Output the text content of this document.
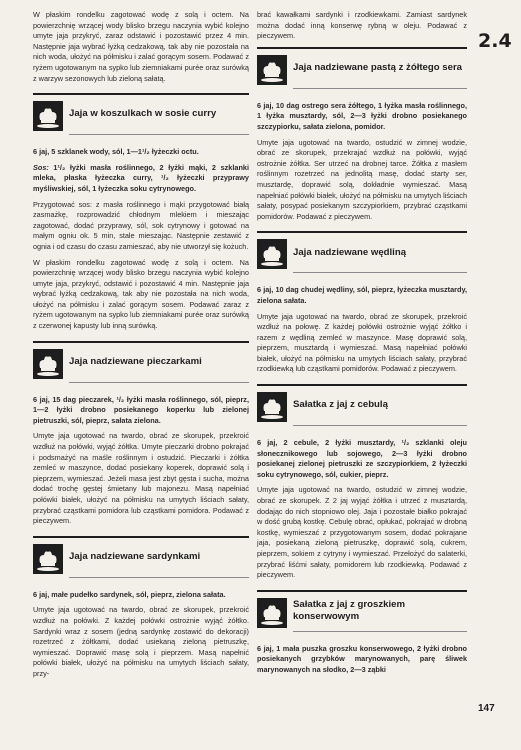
W płaskim rondelku zagotować wodę z solą i octem. Na powierzchnię wrzącej wody blisko brzegu naczynia wybić kolejno umyte jaja przykryć, zaraz odstawić i pozostawić przez 4 min. Następnie jaja wybrać łyżką cedzakową, tak aby nie pozostała na nich woda, ułożyć na półmisku i zalać gorącym sosem. Podawać z ryżem ugotowanym na sypko lub ziemniakami purée oraz surówką z warzyw sezonowych lub zieloną sałatą.

Jaja w koszulkach w sosie curry

6 jaj, 5 szklanek wody, sól, 1—1¹/₂ łyżeczki octu.

Sos: 1¹/₂ łyżki masła roślinnego, 2 łyżki mąki, 2 szklanki mleka, płaska łyżeczka curry, ¹/₂ łyżeczki przyprawy myśliwskiej, sól, 1 łyżeczka soku cytrynowego.

Przygotować sos: z masła roślinnego i mąki przygotować białą zasmażkę, rozprowadzić chłodnym mlekiem i mieszając zagotować, dodać przyprawy, sól, sok cytrynowy i gotować na małym ogniu ok. 5 min, stale mieszając. Następnie zestawić z ognia i od czasu do czasu zamieszać, aby nie utworzył się kożuch.

W płaskim rondelku zagotować wodę z solą i octem. Na powierzchnię wrzącej wody blisko brzegu naczynia wybić kolejno umyte jaja, przykryć, odstawić i pozostawić 4 min. Następnie jaja wybrać łyżką cedzakową, tak aby nie pozostała na nich woda, ułożyć na półmisku i zalać gorącym sosem. Podawać zaraz z ryżem ugotowanym na sypko lub ziemniakami purée oraz surówką z czerwonej kapusty lub inną surówką.

Jaja nadziewane pieczarkami

6 jaj, 15 dag pieczarek, ¹/₂ łyżki masła roślinnego, sól, pieprz, 1—2 łyżki drobno posiekanego koperku lub zielonej pietruszki, sól, pieprz, sałata zielona.

Umyte jaja ugotować na twardo, obrać ze skorupek, przekroić wzdłuż na połówki, wyjąć żółtka. Umyte pieczarki drobno pokrajać i podsmażyć na maśle roślinnym i ostudzić. Pieczarki i żółtka zemleć w maszynce, dodać posiekany koperek, doprawić solą i pieprzem, wymieszać. Jeżeli masa jest zbyt gęsta i sucha, można dodać trochę gęstej śmietany lub majonezu. Masą napełniać połówki białek, ułożyć na półmisku na umytych liściach sałaty, przybrać cząstkami pomidora lub cząstkami pomidora. Podawać z pieczywem.

Jaja nadziewane sardynkami

6 jaj, małe pudełko sardynek, sól, pieprz, zielona sałata.

Umyte jaja ugotować na twardo, obrać ze skorupek, przekroić wzdłuż na połówki. Z każdej połówki ostrożnie wyjąć żółtko. Sardynki wraz z sosem (jedną sardynkę zostawić do dekoracji) rozetrzeć z żółtkami, dodać usiekaną zieloną pietruszkę, wymieszać. Doprawić masę solą i pieprzem. Masą napełnić połówki białek, ułożyć na półmisku na umytych liściach sałaty, przy-

brać kawałkami sardynki i rzodkiewkami. Zamiast sardynek można dodać inną konserwę rybną w oleju. Podawać z pieczywem.

Jaja nadziewane pastą z żółtego sera

6 jaj, 10 dag ostrego sera żółtego, 1 łyżka masła roślinnego, 1 łyżka musztardy, sól, 2—3 łyżki drobno posiekanego szczypiorku, sałata zielona, pomidor.

Umyte jaja ugotować na twardo, ostudzić w zimnej wodzie, obrać ze skorupek, przekrajać wzdłuż na połówki, wyjąć ostrożnie żółtka. Ser utrzeć na drobnej tarce. Żółtka z masłem roślinnym rozetrzeć na jednolitą masę, dodać starty ser, musztardę, doprawić solą, dokładnie wymieszać. Masą napełniać połówki białek, ułożyć na półmisku na umytych liściach sałaty, posypać posiekanym szczypiorkiem, przybrać cząstkami pomidorów. Podawać z pieczywem.

Jaja nadziewane wędliną

6 jaj, 10 dag chudej wędliny, sól, pieprz, łyżeczka musztardy, zielona sałata.

Umyte jaja ugotować na twardo, obrać ze skorupek, przekroić wzdłuż na połowę. Z każdej połówki ostrożnie wyjąć żółtko i razem z wędliną zemleć w maszynce. Masę doprawić solą, pieprzem, musztardą i wymieszać. Masą napełniać połówki białek, ułożyć na półmisku na umytych liściach sałaty, przybrać rzodkiewką lub cząstkami pomidorów. Podawać z pieczywem.

Sałatka z jaj z cebulą

6 jaj, 2 cebule, 2 łyżki musztardy, ¹/₂ szklanki oleju słonecznikowego lub sojowego, 2—3 łyżki drobno posiekanej zielonej pietruszki ze szczypiorkiem, 2 łyżeczki soku cytrynowego, sól, cukier, pieprz.

Umyte jaja ugotować na twardo, ostudzić w zimnej wodzie, obrać ze skorupek. Z 2 jaj wyjąć żółtka i utrzeć z musztardą, dodając do nich stopniowo olej. Jaja i pozostałe białko pokrajać w dość grubą kostkę. Cebulę obrać, opłukać, pokrajać w drobną kostkę, wymieszać z przygotowanym sosem, dodać pokrajane jaja, posiekaną zieloną pietruszkę, doprawić solą, cukrem, pieprzem, sokiem z cytryny i wymieszać. Przełożyć do salaterki, przybrać liśćmi sałaty, pomidorem lub rzodkiewką. Podawać z pieczywem.

Sałatka z jaj z groszkiem konserwowym

6 jaj, 1 mała puszka groszku konserwowego, 2 łyżki drobno posiekanych grzybków marynowanych, parę śliwek marynowanych na słodko, 2—3 ząbki

2.4
147
